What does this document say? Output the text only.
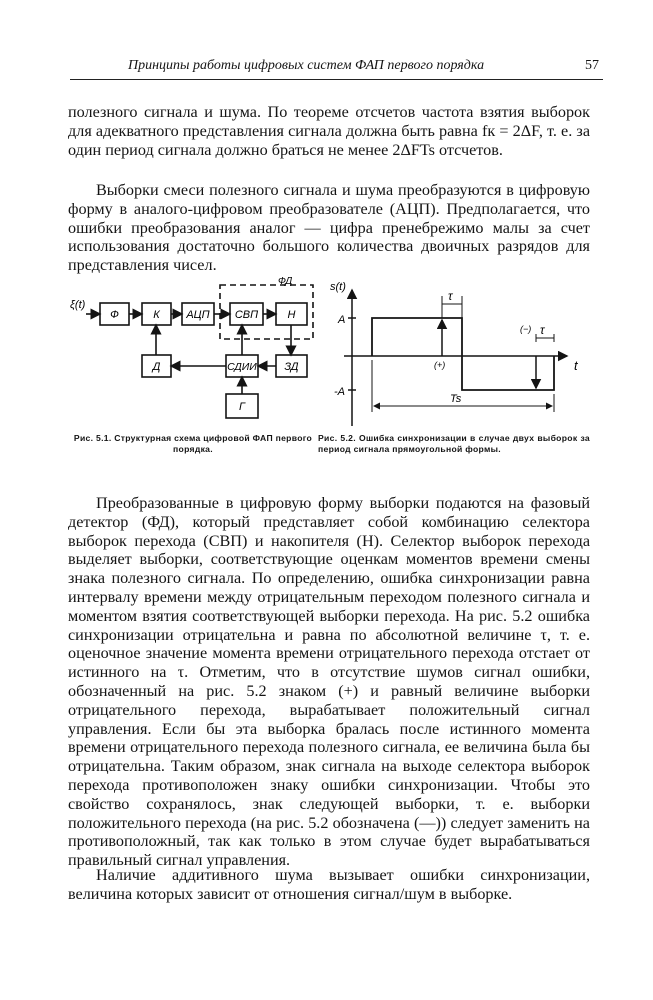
Принципы работы цифровых систем ФАП первого порядка	57

полезного сигнала и шума. По теореме отсчетов частота взятия выборок для адекватного представления сигнала должна быть равна fк = 2ΔF, т. е. за один период сигнала должно браться не менее 2ΔFTs отсчетов.

Выборки смеси полезного сигнала и шума преобразуются в цифровую форму в аналого-цифровом преобразователе (АЦП). Предполагается, что ошибки преобразования аналог — цифра пренебрежимо малы за счет использования достаточно большого количества двоичных разрядов для представления чисел.

ξ(t)
Ф	К АЦП СВП	Н
Д	СДИИ	ЗД
Г
ФД	s(t)
t
A
-A
τ
τ
(+)
(−)
Ts
Рис. 5.1. Структурная схема цифровой ФАП первого порядка.
Рис. 5.2. Ошибка синхронизации в случае двух выборок за период сигнала прямоугольной формы.

Преобразованные в цифровую форму выборки подаются на фазовый детектор (ФД), который представляет собой комбинацию селектора выборок перехода (СВП) и накопителя (Н). Селектор выборок перехода выделяет выборки, соответствующие оценкам моментов времени смены знака полезного сигнала. По определению, ошибка синхронизации равна интервалу времени между отрицательным переходом полезного сигнала и моментом взятия соответствующей выборки перехода. На рис. 5.2 ошибка синхронизации отрицательна и равна по абсолютной величине τ, т. е. оценочное значение момента времени отрицательного перехода отстает от истинного на τ. Отметим, что в отсутствие шумов сигнал ошибки, обозначенный на рис. 5.2 знаком (+) и равный величине выборки отрицательного перехода, вырабатывает положительный сигнал управления. Если бы эта выборка бралась после истинного момента времени отрицательного перехода полезного сигнала, ее величина была бы отрицательна. Таким образом, знак сигнала на выходе селектора выборок перехода противоположен знаку ошибки синхронизации. Чтобы это свойство сохранялось, знак следующей выборки, т. е. выборки положительного перехода (на рис. 5.2 обозначена (—)) следует заменить на противоположный, так как только в этом случае будет вырабатываться правильный сигнал управления.

Наличие аддитивного шума вызывает ошибки синхронизации, величина которых зависит от отношения сигнал/шум в выборке.
